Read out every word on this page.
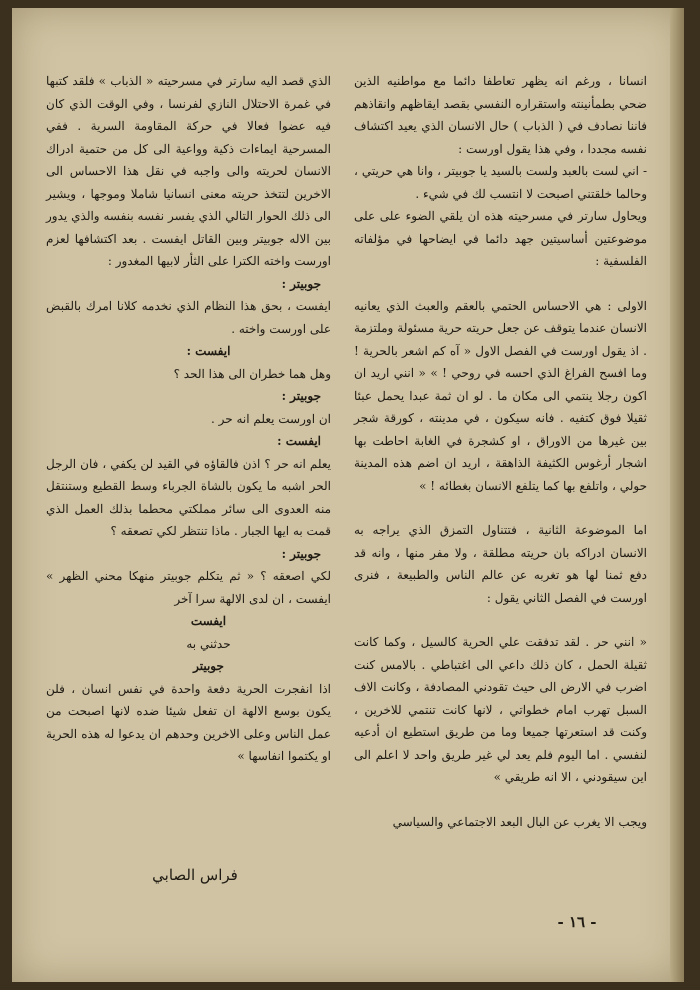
انسانا ، ورغم انه يظهر تعاطفا دائما مع مواطنيه الذين ضحي بطمأنينته واستقراره النفسي بقصد ايقاظهم وانقاذهم فاننا نصادف في ( الذباب ) حال الانسان الذي يعيد اكتشاف نفسه مجددا ، وفي هذا يقول اورست :

- اني لست بالعبد ولست بالسيد يا جوبيتر ، وانا هي حريتي ، وحالما خلقتني اصبحت لا انتسب لك في شيء .

ويحاول سارتر في مسرحيته هذه ان يلقي الضوء على على موضوعتين أساسيتين جهد دائما في ايضاحها في مؤلفاته الفلسفية :

الاولى : هي الاحساس الحتمي بالعقم والعبث الذي يعانيه الانسان عندما يتوقف عن جعل حريته حرية مسئولة وملتزمة . اذ يقول اورست في الفصل الاول « آه كم اشعر بالحرية ! وما افسح الفراغ الذي احسه في روحي ! » « انني اريد ان اكون رجلا ينتمي الى مكان ما . لو ان ثمة عبدا يحمل عبئا ثقيلا فوق كتفيه . فانه سيكون ، في مدينته ، كورقة شجر بين غيرها من الاوراق ، او كشجرة في الغابة احاطت بها اشجار أرغوس الكثيفة الذاهقة ، اريد ان اضم هذه المدينة حولي ، واتلفع بها كما يتلفع الانسان بغطائه ! »

اما الموضوعة الثانية ، فتتناول التمزق الذي يراجه به الانسان ادراكه بان حريته مطلقة ، ولا مفر منها ، وانه قد دفع ثمنا لها هو تغربه عن عالم الناس والطبيعة ، فنرى اورست في الفصل الثاني يقول :

« انني حر . لقد تدفقت علي الحرية كالسيل ، وكما كانت ثقيلة الحمل ، كان ذلك داعي الى اغتباطي . بالامس كنت اضرب في الارض الى حيث تقودني المصادفة ، وكانت الاف السبل تهرب امام خطواتي ، لانها كانت تنتمي للاخرين ، وكنت قد استعرتها جميعا وما من طريق استطيع ان أدعيه لنفسي . اما اليوم فلم يعد لي غير طريق واحد لا اعلم الى اين سيقودني ، الا انه طريقي »

ويجب الا يغرب عن البال البعد الاجتماعي والسياسي

الذي قصد اليه سارتر في مسرحيته « الذباب » فلقد كتبها في غمرة الاحتلال النازي لفرنسا ، وفي الوقت الذي كان فيه عضوا فعالا في حركة المقاومة السرية . ففي المسرحية ايماءات ذكية وواعية الى كل من حتمية ادراك الانسان لحريته والى واجبه في نقل هذا الاحساس الى الاخرين لتتخذ حريته معنى انسانيا شاملا وموجها ، ويشير الى ذلك الحوار التالي الذي يفسر نفسه بنفسه والذي يدور بين الاله جوبيتر وبين القاتل ايفست . بعد اكتشافها لعزم اورست واخته الكترا على الثأر لابيها المغدور :

جوبيتر :

ايفست ، بحق هذا النظام الذي نخدمه كلانا امرك بالقبض على اورست واخته .

ايفست :

وهل هما خطران الى هذا الحد ؟

جوبيتر :

ان اورست يعلم انه حر .

ايفست :

يعلم انه حر ؟ اذن فالقاؤه في القيد لن يكفي ، فان الرجل الحر اشبه ما يكون بالشاة الجرباء وسط القطيع وستنتقل منه العدوى الى سائر مملكتي محطما بذلك العمل الذي قمت به ايها الجبار . ماذا تنتظر لكي تصعقه ؟

جوبيتر :

لكي اصعقه ؟ « ثم يتكلم جوبيتر منهكا محني الظهر » ايفست ، ان لدى الالهة سرا آخر

ايفست

حدثني به

جوبيتر

اذا انفجرت الحرية دفعة واحدة في نفس انسان ، فلن يكون بوسع الالهة ان تفعل شيئا ضده لانها اصبحت من عمل الناس وعلى الاخرين وحدهم ان يدعوا له هذه الحرية او يكتموا انفاسها »

فراس الصابي
- ١٦ -
